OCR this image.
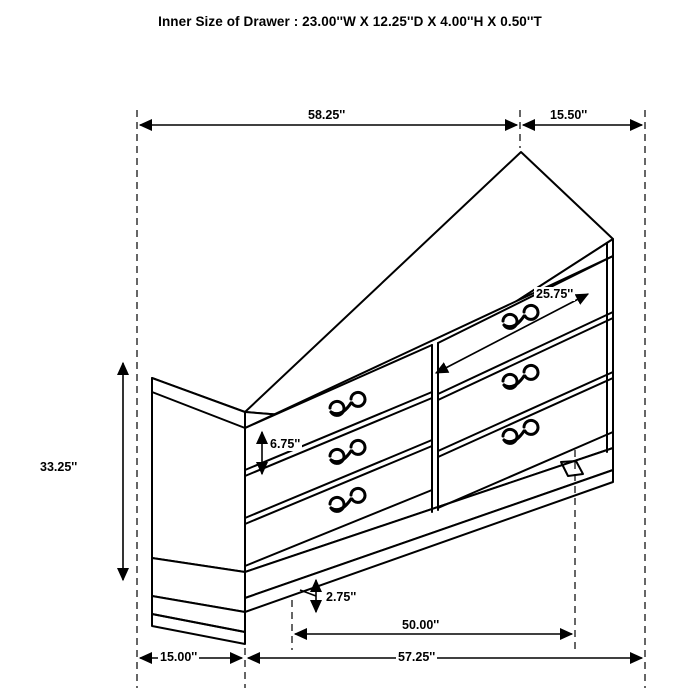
Inner Size of Drawer : 23.00''W X 12.25''D X 4.00''H X 0.50''T
58.25''	15.50''
25.75''
6.75''
33.25''
2.75''
15.00''
50.00''
57.25''
